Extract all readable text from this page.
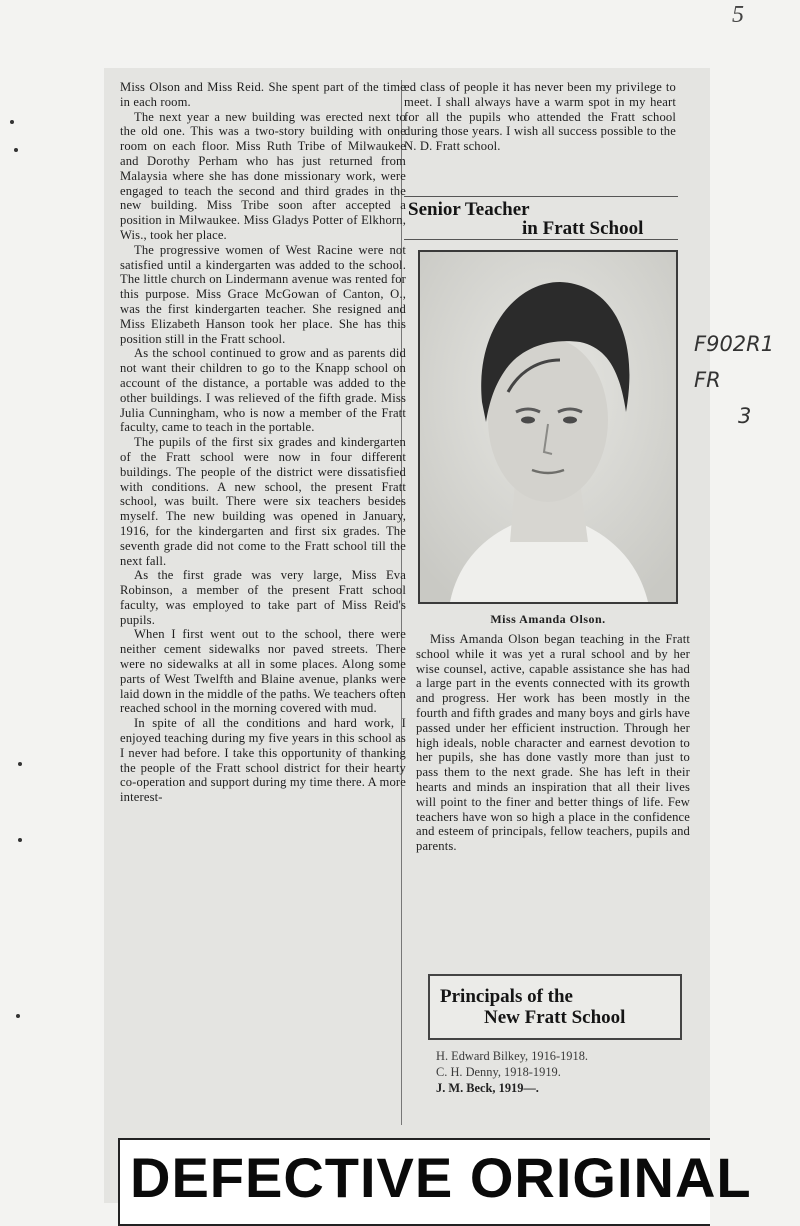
5
F902R1
FR
3

Miss Olson and Miss Reid. She spent part of the time in each room.

The next year a new building was erected next to the old one. This was a two-story building with one room on each floor. Miss Ruth Tribe of Milwaukee and Dorothy Perham who has just returned from Malaysia where she has done missionary work, were engaged to teach the second and third grades in the new building. Miss Tribe soon after accepted a position in Milwaukee. Miss Gladys Potter of Elkhorn, Wis., took her place.

The progressive women of West Racine were not satisfied until a kindergarten was added to the school. The little church on Lindermann avenue was rented for this purpose. Miss Grace McGowan of Canton, O., was the first kindergarten teacher. She resigned and Miss Elizabeth Hanson took her place. She has this position still in the Fratt school.

As the school continued to grow and as parents did not want their children to go to the Knapp school on account of the distance, a portable was added to the other buildings. I was relieved of the fifth grade. Miss Julia Cunningham, who is now a member of the Fratt faculty, came to teach in the portable.

The pupils of the first six grades and kindergarten of the Fratt school were now in four different buildings. The people of the district were dissatisfied with conditions. A new school, the present Fratt school, was built. There were six teachers besides myself. The new building was opened in January, 1916, for the kindergarten and first six grades. The seventh grade did not come to the Fratt school till the next fall.

As the first grade was very large, Miss Eva Robinson, a member of the present Fratt school faculty, was employed to take part of Miss Reid's pupils.

When I first went out to the school, there were neither cement sidewalks nor paved streets. There were no sidewalks at all in some places. Along some parts of West Twelfth and Blaine avenue, planks were laid down in the middle of the paths. We teachers often reached school in the morning covered with mud.

In spite of all the conditions and hard work, I enjoyed teaching during my five years in this school as I never had before. I take this opportunity of thanking the people of the Fratt school district for their hearty co-operation and support during my time there. A more interest-

ed class of people it has never been my privilege to meet. I shall always have a warm spot in my heart for all the pupils who attended the Fratt school during those years. I wish all success possible to the N. D. Fratt school.

Senior Teacher
in Fratt School
Miss Amanda Olson.

Miss Amanda Olson began teaching in the Fratt school while it was yet a rural school and by her wise counsel, active, capable assistance she has had a large part in the events connected with its growth and progress. Her work has been mostly in the fourth and fifth grades and many boys and girls have passed under her efficient instruction. Through her high ideals, noble character and earnest devotion to her pupils, she has done vastly more than just to pass them to the next grade. She has left in their hearts and minds an inspiration that all their lives will point to the finer and better things of life. Few teachers have won so high a place in the confidence and esteem of principals, fellow teachers, pupils and parents.

Principals of the
New Fratt School
H. Edward Bilkey, 1916-1918.
C. H. Denny, 1918-1919.
J. M. Beck, 1919—.
DEFECTIVE ORIGINAL
